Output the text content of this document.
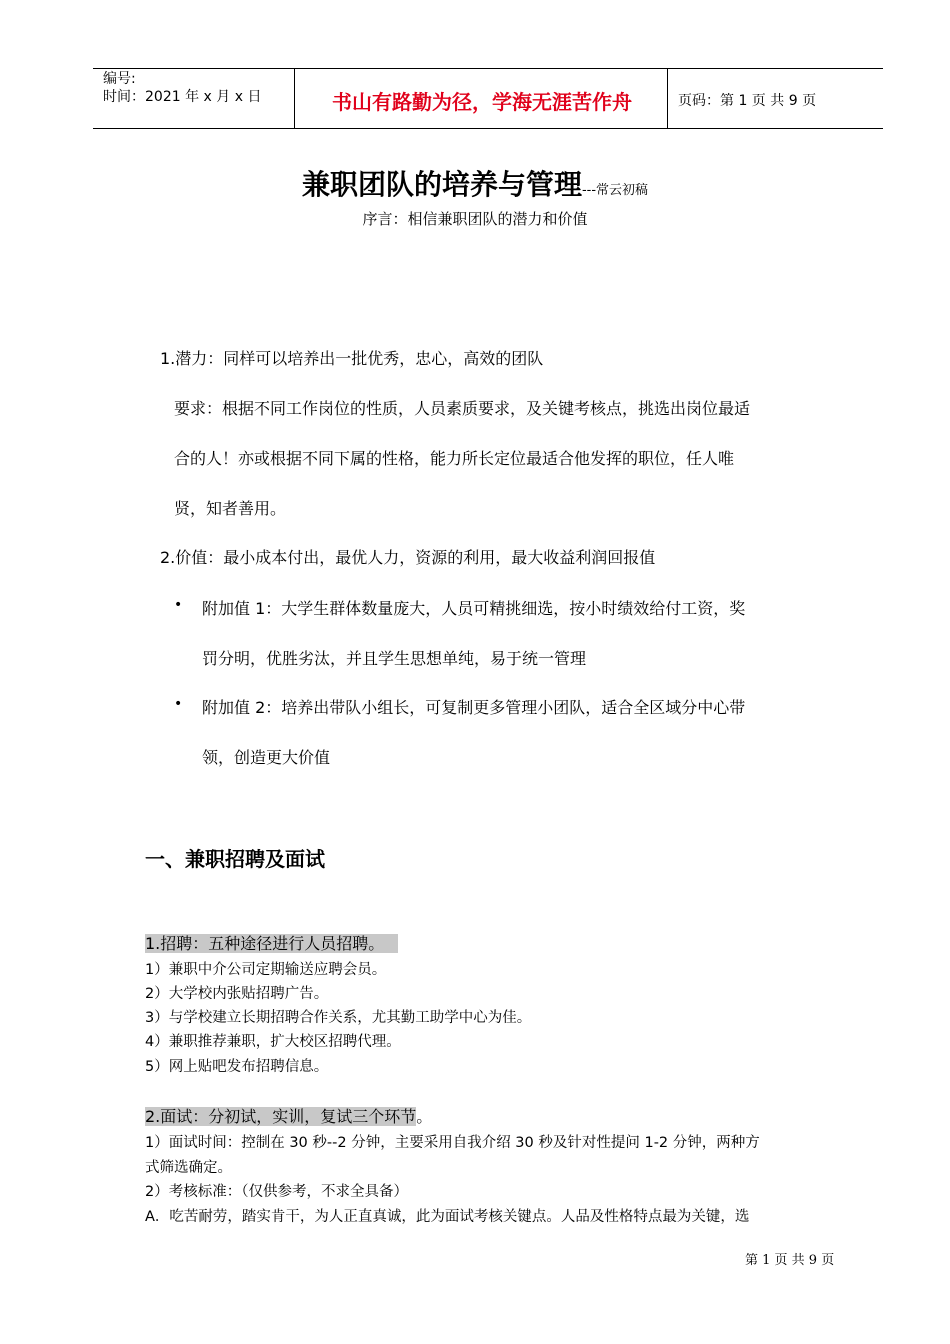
编号:
时间：2021 年 x 月 x 日	书山有路勤为径，学海无涯苦作舟	页码：第 1 页 共 9 页
兼职团队的培养与管理---常云初稿
序言：相信兼职团队的潜力和价值
1.潜力：同样可以培养出一批优秀，忠心，高效的团队
要求：根据不同工作岗位的性质，人员素质要求，及关键考核点，挑选出岗位最适
合的人！亦或根据不同下属的性格，能力所长定位最适合他发挥的职位，任人唯
贤，知者善用。
2.价值：最小成本付出，最优人力，资源的利用，最大收益利润回报值
• 附加值 1：大学生群体数量庞大，人员可精挑细选，按小时绩效给付工资，奖
罚分明，优胜劣汰，并且学生思想单纯，易于统一管理
• 附加值 2：培养出带队小组长，可复制更多管理小团队，适合全区域分中心带
领，创造更大价值
一、兼职招聘及面试
1.招聘：五种途径进行人员招聘。
1）兼职中介公司定期输送应聘会员。
2）大学校内张贴招聘广告。
3）与学校建立长期招聘合作关系，尤其勤工助学中心为佳。
4）兼职推荐兼职，扩大校区招聘代理。
5）网上贴吧发布招聘信息。
2.面试：分初试，实训，复试三个环节。
1）面试时间：控制在 30 秒--2 分钟，主要采用自我介绍 30 秒及针对性提问 1-2 分钟，两种方
式筛选确定。
2）考核标准：（仅供参考，不求全具备）
A．吃苦耐劳，踏实肯干，为人正直真诚，此为面试考核关键点。人品及性格特点最为关键，选
第 1 页 共 9 页
